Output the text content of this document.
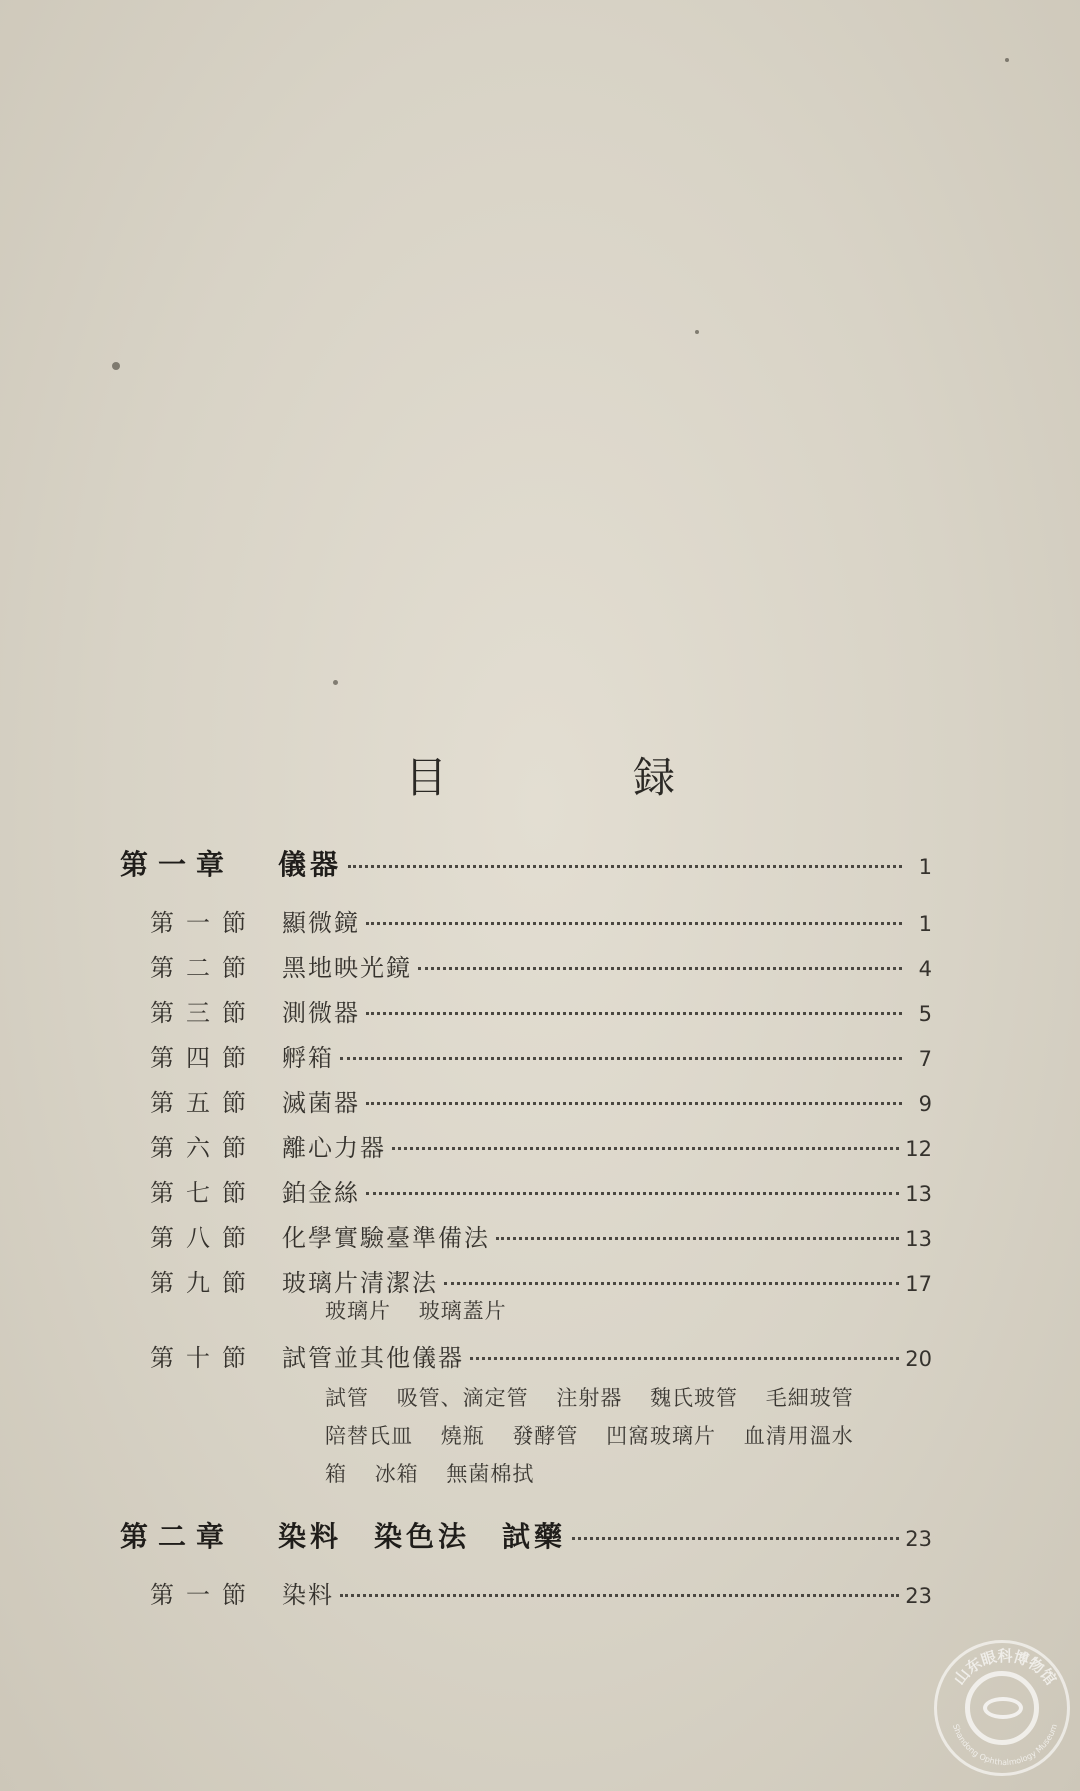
目　録
第一章	儀器	1
第一節	顯微鏡	1
第二節	黑地映光鏡	4
第三節	測微器	5
第四節	孵箱	7
第五節	滅菌器	9
第六節	離心力器	12
第七節	鉑金絲	13
第八節	化學實驗臺準備法	13
第九節	玻璃片清潔法	17
玻璃片 玻璃蓋片
第十節	試管並其他儀器	20
試管 吸管、滴定管 注射器 魏氏玻管 毛細玻管
陪替氏皿 燒瓶 發酵管 凹窩玻璃片 血清用溫水
箱 冰箱 無菌棉拭
第二章	染料　染色法　試藥	23
第一節	染料	23
山东眼科博物馆
Shandong Ophthalmology Museum
